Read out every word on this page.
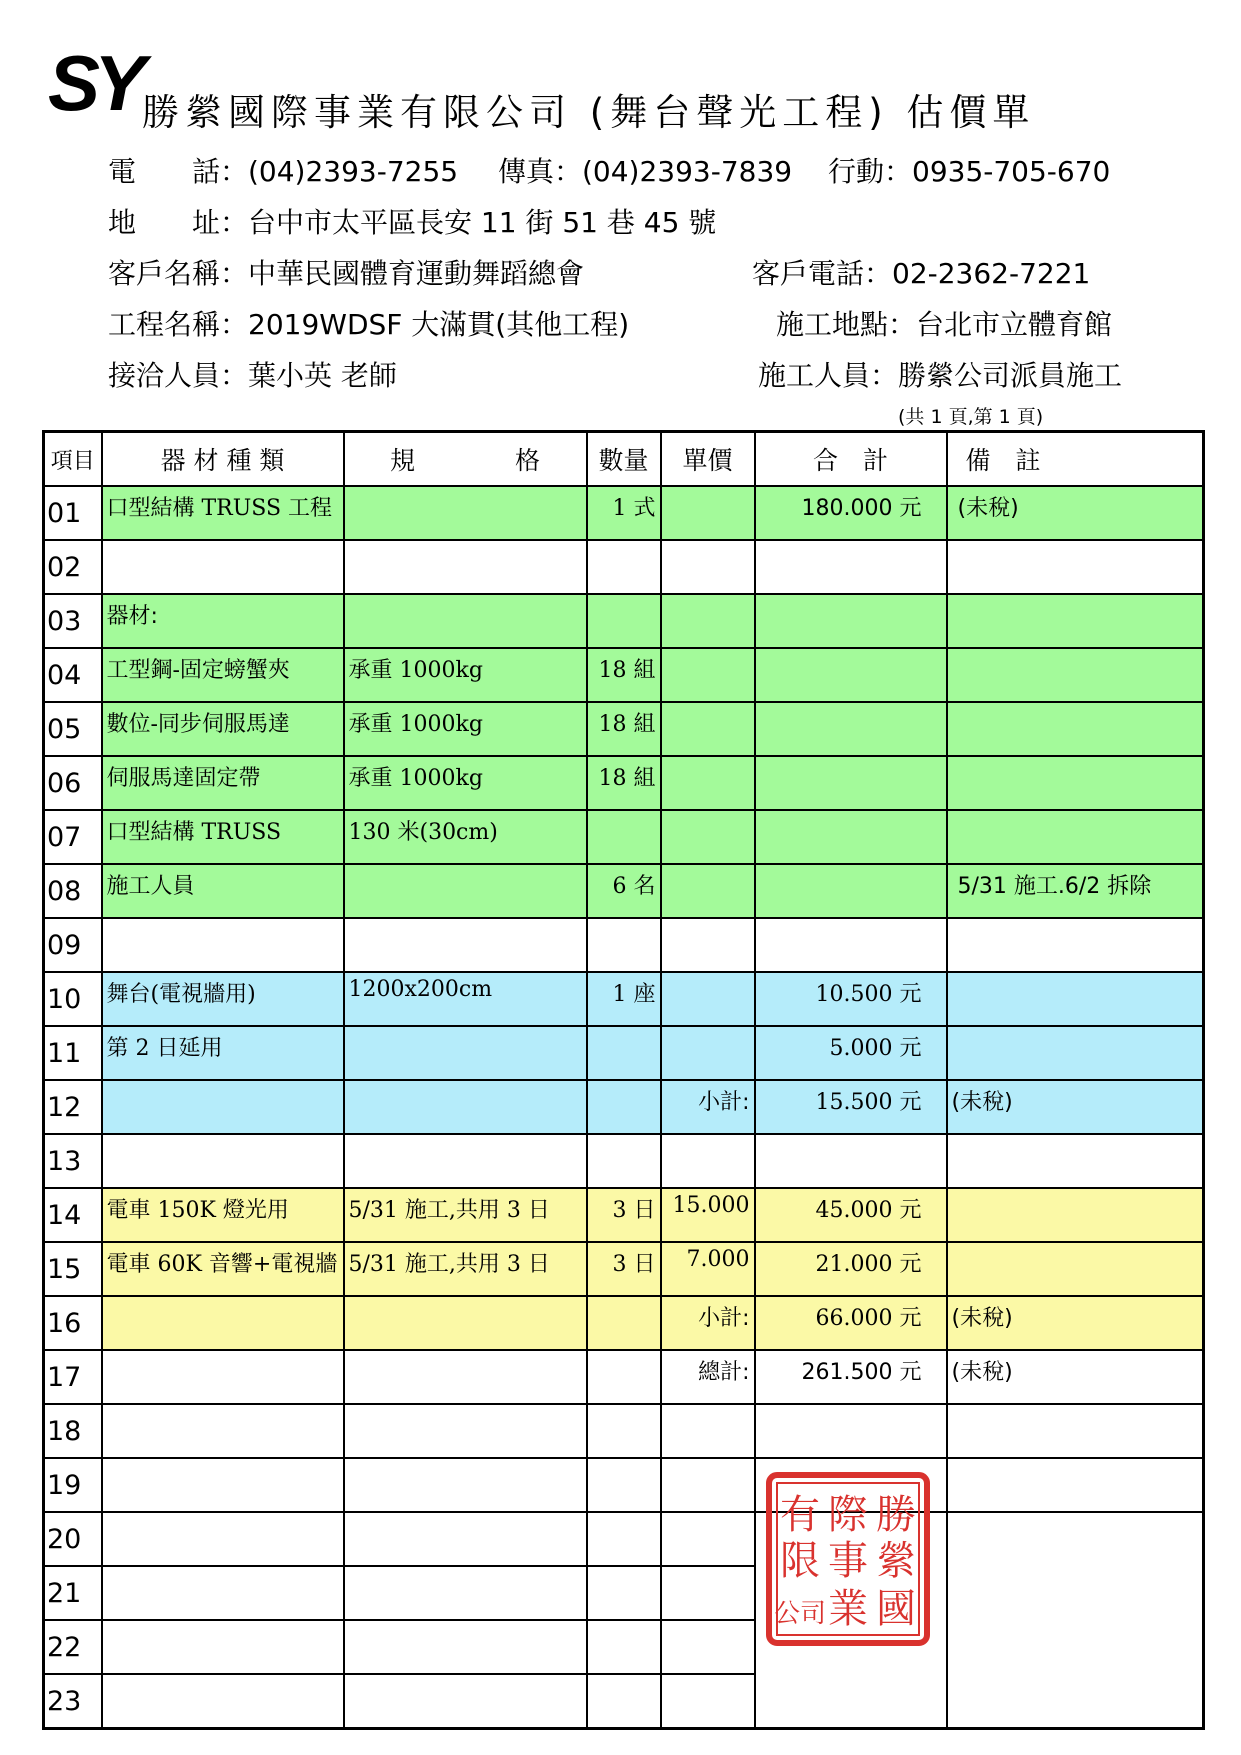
SY 勝縈國際事業有限公司 (舞台聲光工程) 估價單
電　　話：(04)2393-7255 傳真：(04)2393-7839 行動：0935-705-670
地　　址：台中市太平區長安 11 街 51 巷 45 號
客戶名稱：中華民國體育運動舞蹈總會	客戶電話：02-2362-7221
工程名稱：2019WDSF 大滿貫(其他工程)	施工地點：台北市立體育館
接洽人員：葉小英 老師	施工人員：勝縈公司派員施工
(共 1 頁,第 1 頁)
項目	器 材 種 類	規　　　　格	數量	單價	合　計	備　註
01	口型結構 TRUSS 工程		1 式		180.000 元	(未稅)
02						
03	器材:					
04	工型鋼-固定螃蟹夾	承重 1000kg	18 組			
05	數位-同步伺服馬達	承重 1000kg	18 組			
06	伺服馬達固定帶	承重 1000kg	18 組			
07	口型結構 TRUSS	130 米(30cm)				
08	施工人員		6 名			5/31 施工.6/2 拆除
09						
10	舞台(電視牆用)	1200x200cm	1 座		10.500 元	
11	第 2 日延用				5.000 元	
12				小計:	15.500 元	(未稅)
13						
14	電車 150K 燈光用	5/31 施工,共用 3 日	3 日	15.000	45.000 元	
15	電車 60K 音響+電視牆	5/31 施工,共用 3 日	3 日	7.000	21.000 元	
16				小計:	66.000 元	(未稅)
17				總計:	261.500 元	(未稅)
18						
19						
20						
21						
22						
23						
勝
縈
國
際
事
業
有
限
公司
